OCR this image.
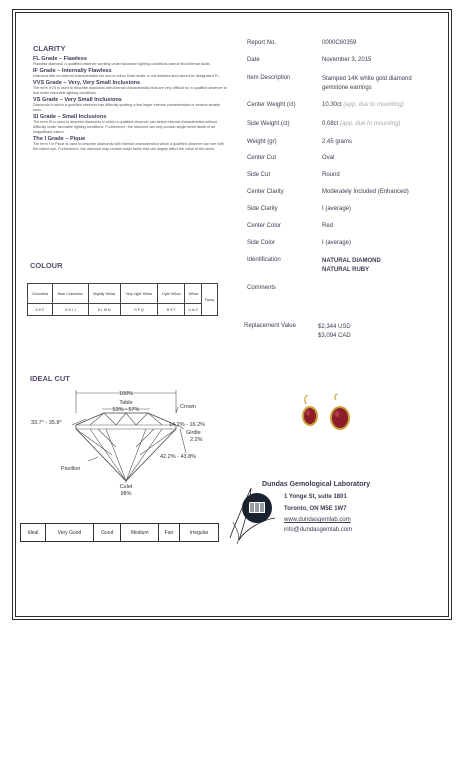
CLARITY
FL Grade – Flawless
Flawless diamond, a qualified observer working under favorable lighting conditions cannot find internal faults.
IF Grade – Internally Flawless
Diamond with no internal characteristics but due to minor finish faults, is not flawless and cannot be designated FL.
VVS Grade – Very, Very Small Inclusions
The term VVS is used to describe diamonds with internal characteristics that are very difficult for a qualified observer to find under favorable lighting conditions.
VS Grade – Very Small Inclusions
Diamonds in which a qualified observer has difficulty spotting a few larger internal characteristics or several smaller ones.
SI Grade – Small Inclusions
The term SI is used to describe diamonds in which a qualified observer can detect internal characteristics without difficulty under favorable lighting conditions. Furthermore, the diamond can only contain single finish faults of an insignificant nature.
The I Grade – Pique
The term I or Pique is used to describe diamonds with internal characteristics which a qualified observer can see with the naked eye. Furthermore, the diamond may contain major faults that can largely affect the value of the stone.
COLOUR
Colourless	Near Colourless	Slightly Yellow	Very Light Yellow	Light Yellow	Yellow	Fancy
D E F	G H I J	K L M N	O P Q	R S T	U to Z	
IDEAL CUT
100%
Table
53% - 57%	Crown
33.7° - 35.8°	14.2% - 16.2%
Girdle
2.2%
42.2% - 43.8%
Pavilion
Culet
98%
Ideal	Very Good	Good	Medium	Fair	Irregular
Report No.	0000C60359
Date	November 3, 2015
Item Description	Stamped 14K white gold diamond gemstone earrings
Center Weight (ct)	10.30ct (app. due to mounting)
Side Weight (ct)	0.08ct (app. due to mounting)
Weight (gr)	2.45 grams
Center Cut	Oval
Side Cut	Round
Center Clarity	Moderately Included (Enhanced)
Side Clarity	I (average)
Center Color	Red
Side Color	I (average)
Identification	NATURAL DIAMOND
NATURAL RUBY
Comments
Replacement Value	$2,344 USD
$3,094 CAD
Dundas Gemological Laboratory
1 Yonge St, suite 1801
Toronto, ON M5E 1W7
www.dundasgemlab.com
info@dundasgemlab.com
